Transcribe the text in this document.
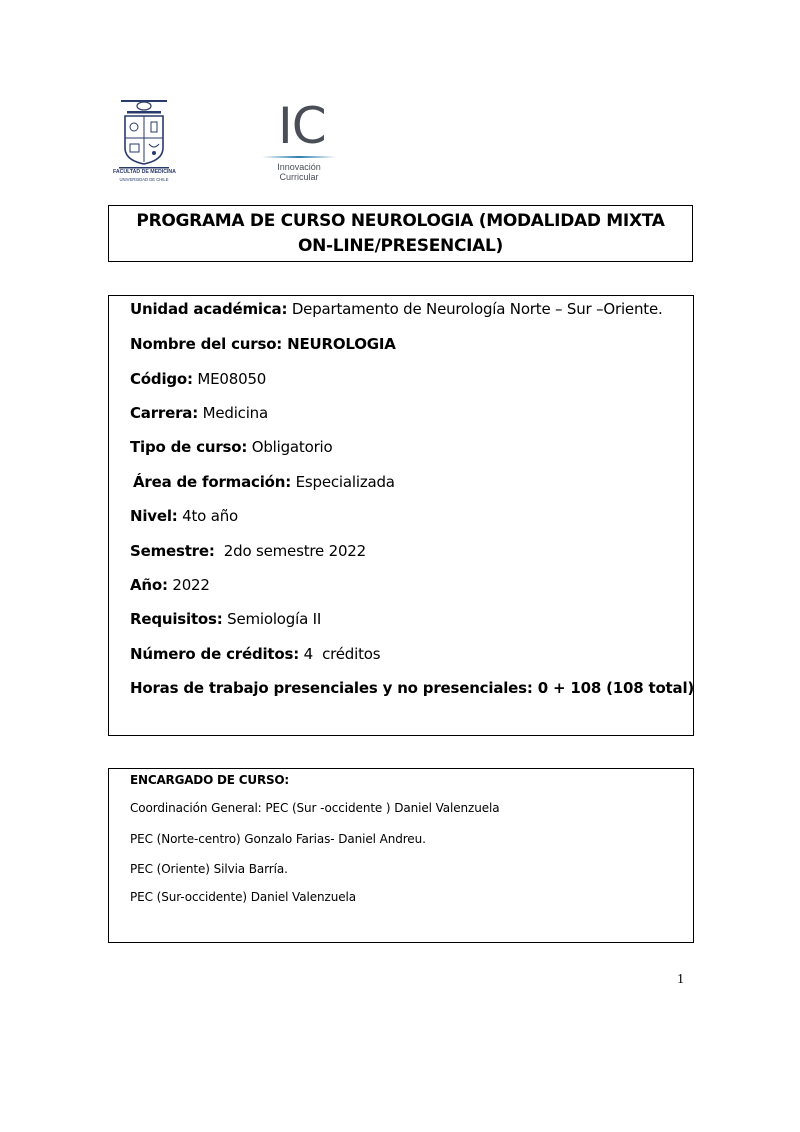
FACULTAD DE MEDICINA
UNIVERSIDAD DE CHILE
IC
Innovación
Curricular
PROGRAMA DE CURSO NEUROLOGIA (MODALIDAD MIXTA ON-LINE/PRESENCIAL)
Unidad académica: Departamento de Neurología Norte – Sur –Oriente.
Nombre del curso: NEUROLOGIA
Código: ME08050
Carrera: Medicina
Tipo de curso: Obligatorio
Área de formación: Especializada
Nivel: 4to año
Semestre:  2do semestre 2022
Año: 2022
Requisitos: Semiología II
Número de créditos: 4  créditos
Horas de trabajo presenciales y no presenciales: 0 + 108 (108 total)
ENCARGADO DE CURSO:
Coordinación General: PEC (Sur -occidente ) Daniel Valenzuela
PEC (Norte-centro) Gonzalo Farias- Daniel Andreu.
PEC (Oriente) Silvia Barría.
PEC (Sur-occidente) Daniel Valenzuela
1
